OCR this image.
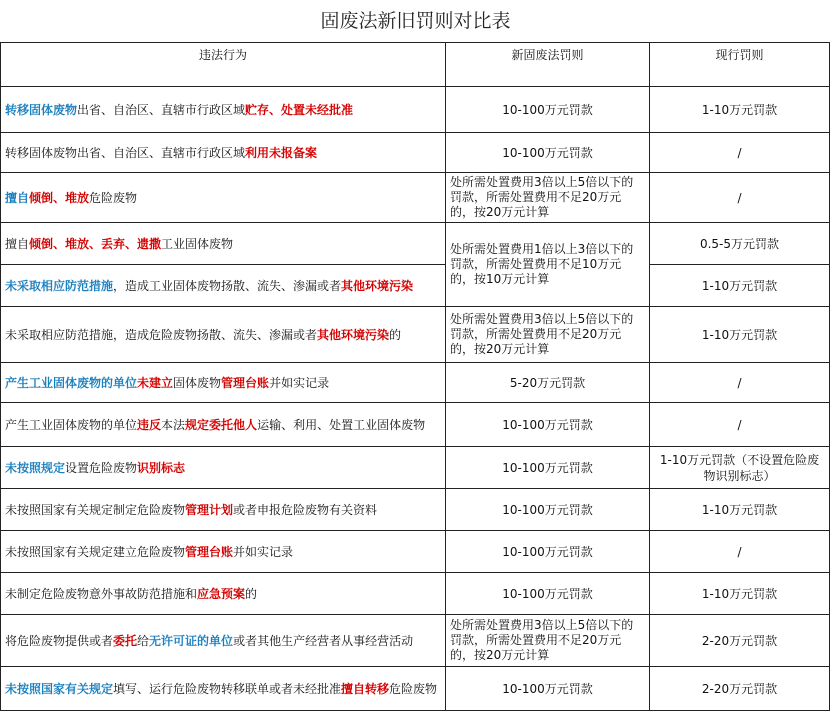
固废法新旧罚则对比表
违法行为	新固废法罚则	现行罚则
转移固体废物出省、自治区、直辖市行政区域贮存、处置未经批准	10-100万元罚款	1-10万元罚款
转移固体废物出省、自治区、直辖市行政区域利用未报备案	10-100万元罚款	/
擅自倾倒、堆放危险废物	处所需处置费用3倍以上5倍以下的罚款，所需处置费用不足20万元的，按20万元计算	/
擅自倾倒、堆放、丢弃、遗撒工业固体废物	处所需处置费用1倍以上3倍以下的罚款，所需处置费用不足10万元的，按10万元计算	0.5-5万元罚款
未采取相应防范措施，造成工业固体废物扬散、流失、渗漏或者其他环境污染		1-10万元罚款
未采取相应防范措施，造成危险废物扬散、流失、渗漏或者其他环境污染的	处所需处置费用3倍以上5倍以下的罚款，所需处置费用不足20万元的，按20万元计算	1-10万元罚款
产生工业固体废物的单位未建立固体废物管理台账并如实记录	5-20万元罚款	/
产生工业固体废物的单位违反本法规定委托他人运输、利用、处置工业固体废物	10-100万元罚款	/
未按照规定设置危险废物识别标志	10-100万元罚款	1-10万元罚款（不设置危险废物识别标志）
未按照国家有关规定制定危险废物管理计划或者申报危险废物有关资料	10-100万元罚款	1-10万元罚款
未按照国家有关规定建立危险废物管理台账并如实记录	10-100万元罚款	/
未制定危险废物意外事故防范措施和应急预案的	10-100万元罚款	1-10万元罚款
将危险废物提供或者委托给无许可证的单位或者其他生产经营者从事经营活动	处所需处置费用3倍以上5倍以下的罚款，所需处置费用不足20万元的，按20万元计算	2-20万元罚款
未按照国家有关规定填写、运行危险废物转移联单或者未经批准擅自转移危险废物	10-100万元罚款	2-20万元罚款
